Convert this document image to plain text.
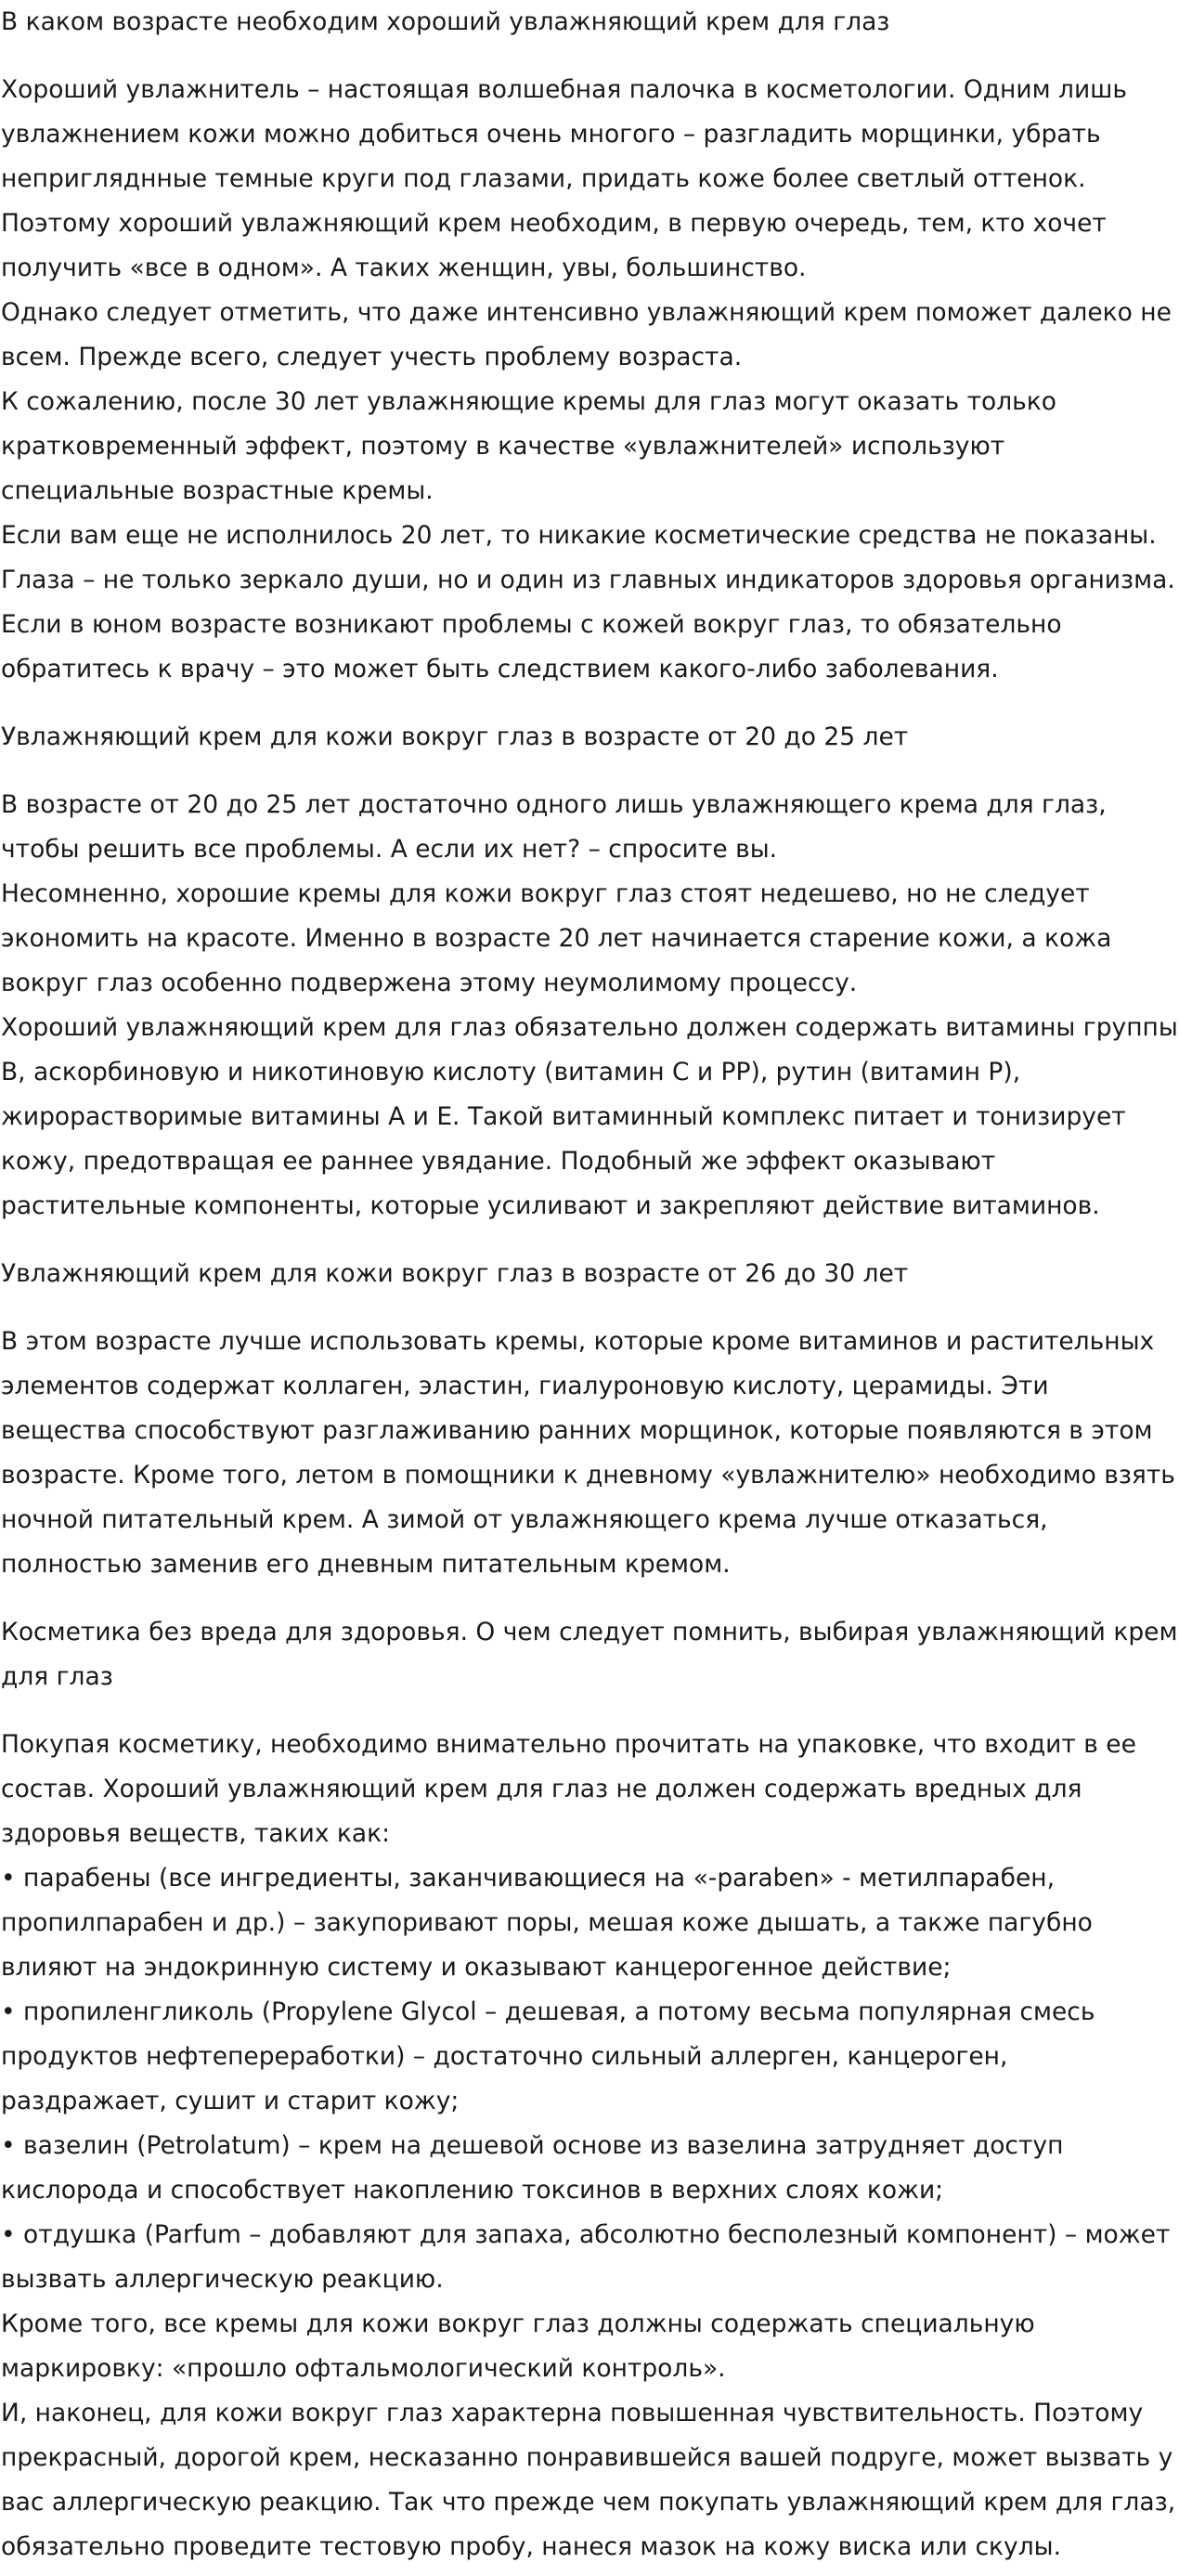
В каком возрасте необходим хороший увлажняющий крем для глаз

Хороший увлажнитель – настоящая волшебная палочка в косметологии. Одним лишь увлажнением кожи можно добиться очень многого – разгладить морщинки, убрать непригляднные темные круги под глазами, придать коже более светлый оттенок.

Поэтому хороший увлажняющий крем необходим, в первую очередь, тем, кто хочет получить «все в одном». А таких женщин, увы, большинство.

Однако следует отметить, что даже интенсивно увлажняющий крем поможет далеко не всем. Прежде всего, следует учесть проблему возраста.

К сожалению, после 30 лет увлажняющие кремы для глаз могут оказать только кратковременный эффект, поэтому в качестве «увлажнителей» используют специальные возрастные кремы.

Если вам еще не исполнилось 20 лет, то никакие косметические средства не показаны. Глаза – не только зеркало души, но и один из главных индикаторов здоровья организма. Если в юном возрасте возникают проблемы с кожей вокруг глаз, то обязательно обратитесь к врачу – это может быть следствием какого-либо заболевания.

Увлажняющий крем для кожи вокруг глаз в возрасте от 20 до 25 лет

В возрасте от 20 до 25 лет достаточно одного лишь увлажняющего крема для глаз, чтобы решить все проблемы. А если их нет? – спросите вы.

Несомненно, хорошие кремы для кожи вокруг глаз стоят недешево, но не следует экономить на красоте. Именно в возрасте 20 лет начинается старение кожи, а кожа вокруг глаз особенно подвержена этому неумолимому процессу.

Хороший увлажняющий крем для глаз обязательно должен содержать витамины группы В, аскорбиновую и никотиновую кислоту (витамин С и PP), рутин (витамин P), жирорастворимые витамины А и Е. Такой витаминный комплекс питает и тонизирует кожу, предотвращая ее раннее увядание. Подобный же эффект оказывают растительные компоненты, которые усиливают и закрепляют действие витаминов.

Увлажняющий крем для кожи вокруг глаз в возрасте от 26 до 30 лет

В этом возрасте лучше использовать кремы, которые кроме витаминов и растительных элементов содержат коллаген, эластин, гиалуроновую кислоту, церамиды. Эти вещества способствуют разглаживанию ранних морщинок, которые появляются в этом возрасте. Кроме того, летом в помощники к дневному «увлажнителю» необходимо взять ночной питательный крем. А зимой от увлажняющего крема лучше отказаться, полностью заменив его дневным питательным кремом.

Косметика без вреда для здоровья. О чем следует помнить, выбирая увлажняющий крем для глаз

Покупая косметику, необходимо внимательно прочитать на упаковке, что входит в ее состав. Хороший увлажняющий крем для глаз не должен содержать вредных для здоровья веществ, таких как:

• парабены (все ингредиенты, заканчивающиеся на «-paraben» - метилпарабен, пропилпарабен и др.) – закупоривают поры, мешая коже дышать, а также пагубно влияют на эндокринную систему и оказывают канцерогенное действие;

• пропиленгликоль (Propylene Glycol – дешевая, а потому весьма популярная смесь продуктов нефтепереработки) – достаточно сильный аллерген, канцероген, раздражает, сушит и старит кожу;

• вазелин (Petrolatum) – крем на дешевой основе из вазелина затрудняет доступ кислорода и способствует накоплению токсинов в верхних слоях кожи;

• отдушка (Parfum – добавляют для запаха, абсолютно бесполезный компонент) – может вызвать аллергическую реакцию.

Кроме того, все кремы для кожи вокруг глаз должны содержать специальную маркировку: «прошло офтальмологический контроль».

И, наконец, для кожи вокруг глаз характерна повышенная чувствительность. Поэтому прекрасный, дорогой крем, несказанно понравившейся вашей подруге, может вызвать у вас аллергическую реакцию. Так что прежде чем покупать увлажняющий крем для глаз, обязательно проведите тестовую пробу, нанеся мазок на кожу виска или скулы.
